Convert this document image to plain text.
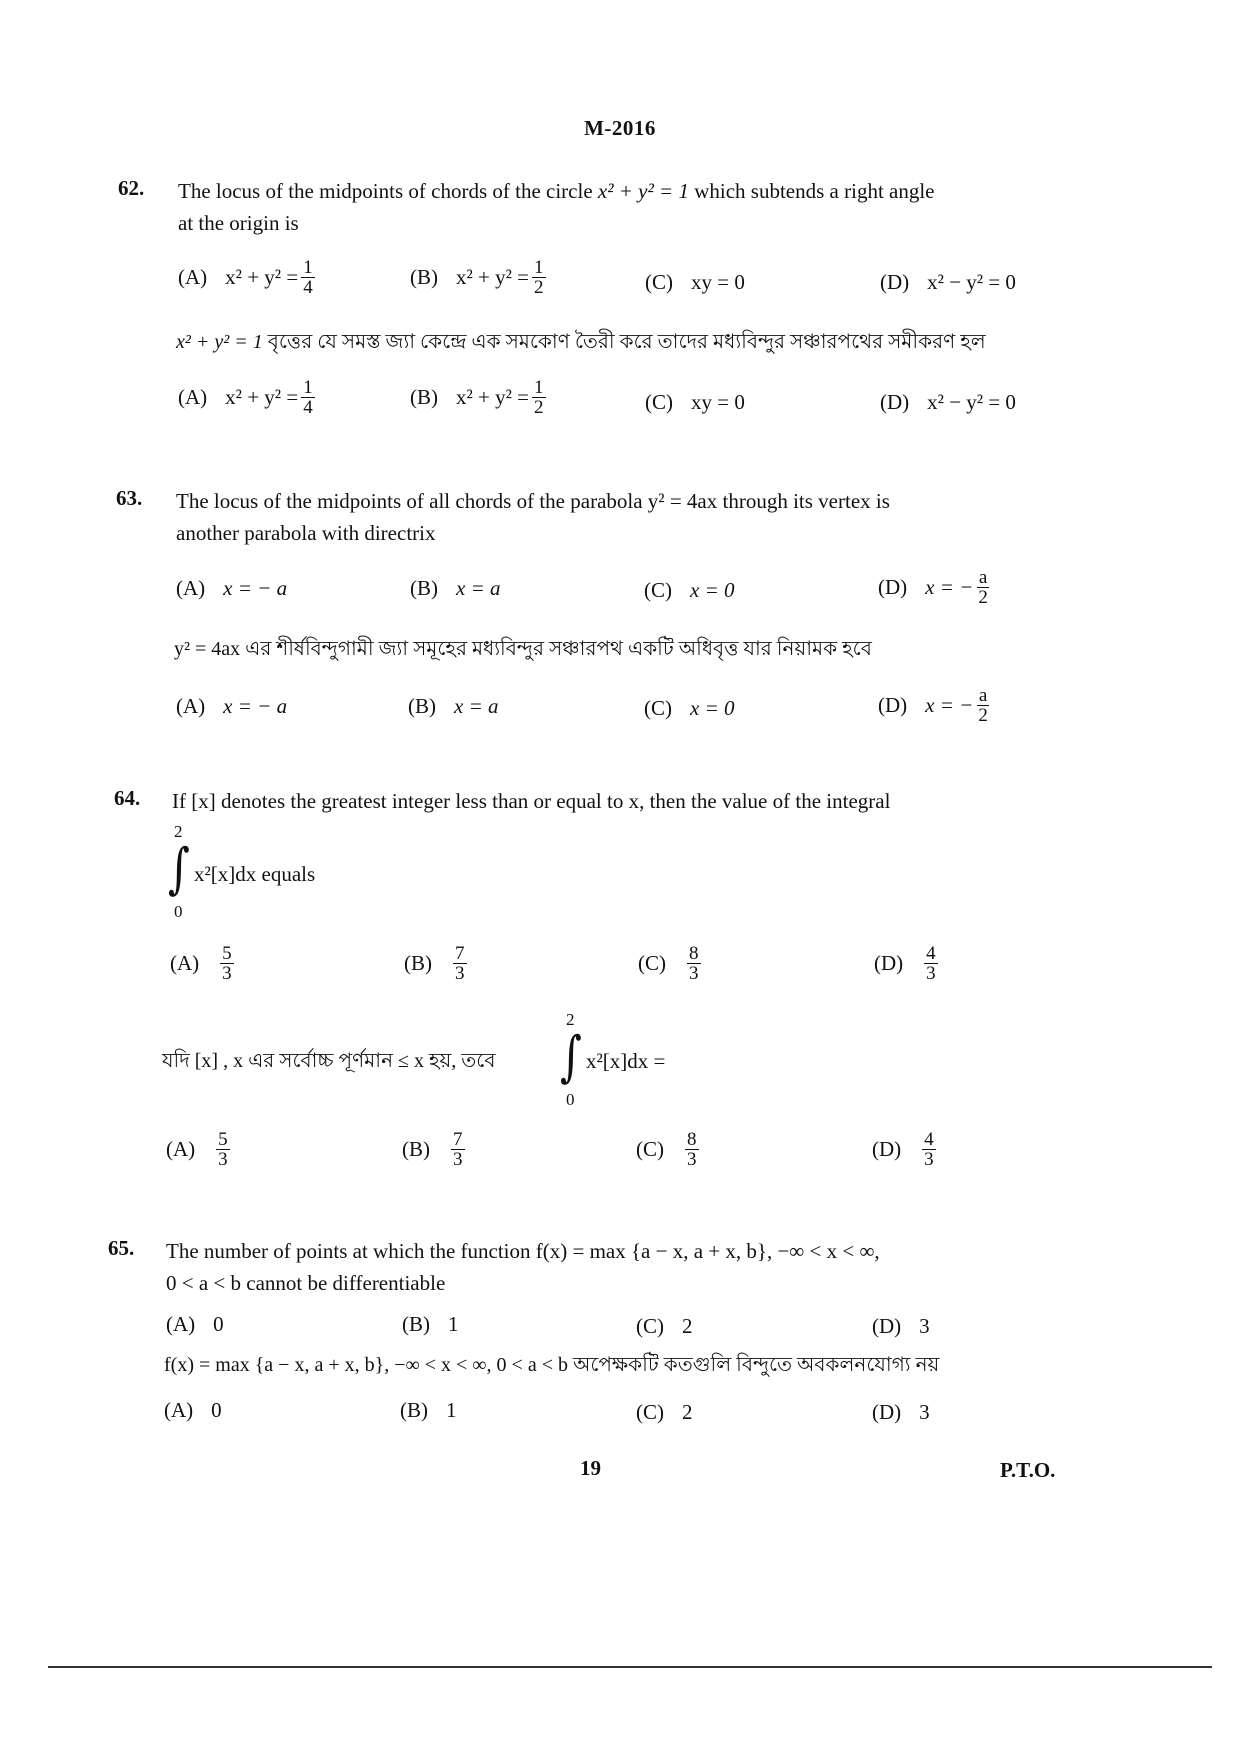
M-2016
62. The locus of the midpoints of chords of the circle x² + y² = 1 which subtends a right angle
at the origin is
(A) $x^2 + y^2 = \frac{1}{4}$	(B) $x^2 + y^2 = \frac{1}{2}$	(C) xy = 0	(D) x² − y² = 0
x² + y² = 1 বৃত্তের যে সমস্ত জ্যা কেন্দ্রে এক সমকোণ তৈরী করে তাদের মধ্যবিন্দুর সঞ্চারপথের সমীকরণ হল
(A) $x^2 + y^2 = \frac{1}{4}$	(B) $x^2 + y^2 = \frac{1}{2}$	(C) xy = 0	(D) x² − y² = 0
63. The locus of the midpoints of all chords of the parabola y² = 4ax through its vertex is
another parabola with directrix
(A) x = − a	(B) x = a	(C) x = 0	(D) x = − $\frac{a}{2}$
y² = 4ax এর শীর্ষবিন্দুগামী জ্যা সমূহের মধ্যবিন্দুর সঞ্চারপথ একটি অধিবৃত্ত যার নিয়ামক হবে
(A) x = − a	(B) x = a	(C) x = 0	(D) x = − $\frac{a}{2}$
64. If [x] denotes the greatest integer less than or equal to x, then the value of the integral
2
∫
0
x²[x]dx equals
$(A) \frac{5}{3}$	$(B) \frac{7}{3}$	$(C) \frac{8}{3}$	$(D) \frac{4}{3}$
যদি [x] , x এর সর্বোচ্চ পূর্ণমান ≤ x হয়, তবে
2
∫
0
x²[x]dx =
$(A) \frac{5}{3}$	$(B) \frac{7}{3}$	$(C) \frac{8}{3}$	$(D) \frac{4}{3}$
65. The number of points at which the function f(x) = max {a − x, a + x, b}, −∞ < x < ∞,
0 < a < b cannot be differentiable
(A) 0	(B) 1	(C) 2	(D) 3
f(x) = max {a − x, a + x, b}, −∞ < x < ∞, 0 < a < b অপেক্ষকটি কতগুলি বিন্দুতে অবকলনযোগ্য নয়
(A) 0	(B) 1	(C) 2	(D) 3
19	P.T.O.
